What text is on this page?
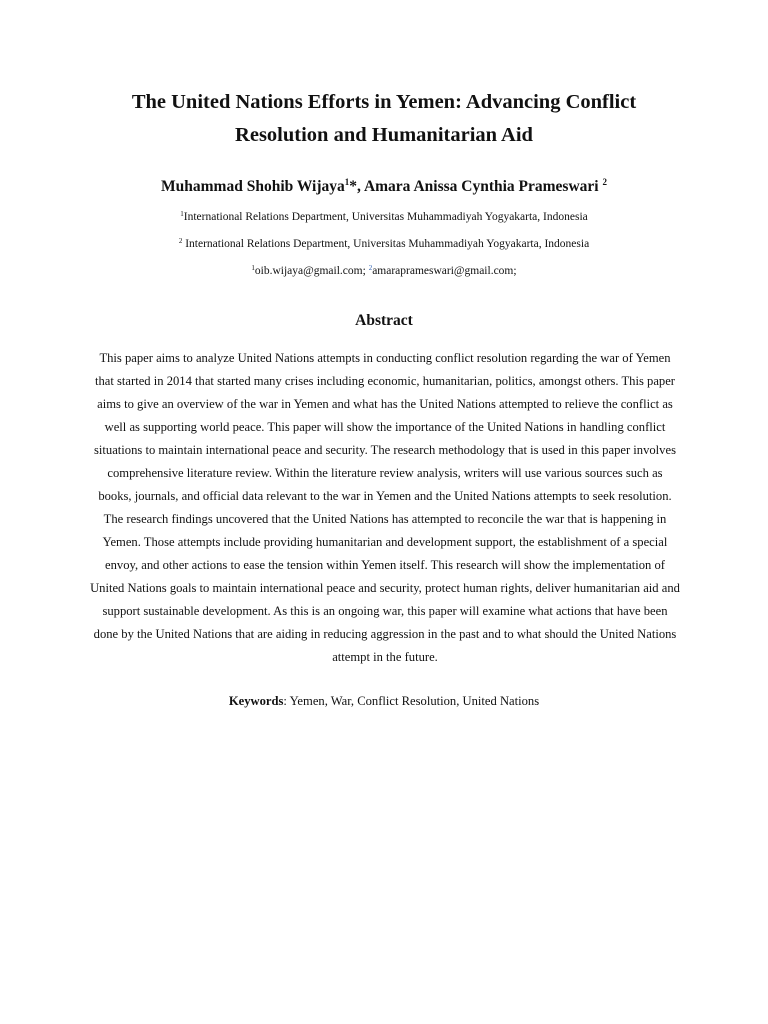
The United Nations Efforts in Yemen: Advancing Conflict
Resolution and Humanitarian Aid
Muhammad Shohib Wijaya$^1$*, Amara Anissa Cynthia Prameswari $^2$
$^1$International Relations Department, Universitas Muhammadiyah Yogyakarta, Indonesia
$^2$ International Relations Department, Universitas Muhammadiyah Yogyakarta, Indonesia
$^1$oib.wijaya@gmail.com; $^2$amaraprameswari@gmail.com;
Abstract

This paper aims to analyze United Nations attempts in conducting conflict resolution regarding the war of Yemen that started in 2014 that started many crises including economic, humanitarian, politics, amongst others. This paper aims to give an overview of the war in Yemen and what has the United Nations attempted to relieve the conflict as well as supporting world peace. This paper will show the importance of the United Nations in handling conflict situations to maintain international peace and security. The research methodology that is used in this paper involves comprehensive literature review. Within the literature review analysis, writers will use various sources such as books, journals, and official data relevant to the war in Yemen and the United Nations attempts to seek resolution. The research findings uncovered that the United Nations has attempted to reconcile the war that is happening in Yemen. Those attempts include providing humanitarian and development support, the establishment of a special envoy, and other actions to ease the tension within Yemen itself. This research will show the implementation of United Nations goals to maintain international peace and security, protect human rights, deliver humanitarian aid and support sustainable development. As this is an ongoing war, this paper will examine what actions that have been done by the United Nations that are aiding in reducing aggression in the past and to what should the United Nations attempt in the future.

Keywords: Yemen, War, Conflict Resolution, United Nations
